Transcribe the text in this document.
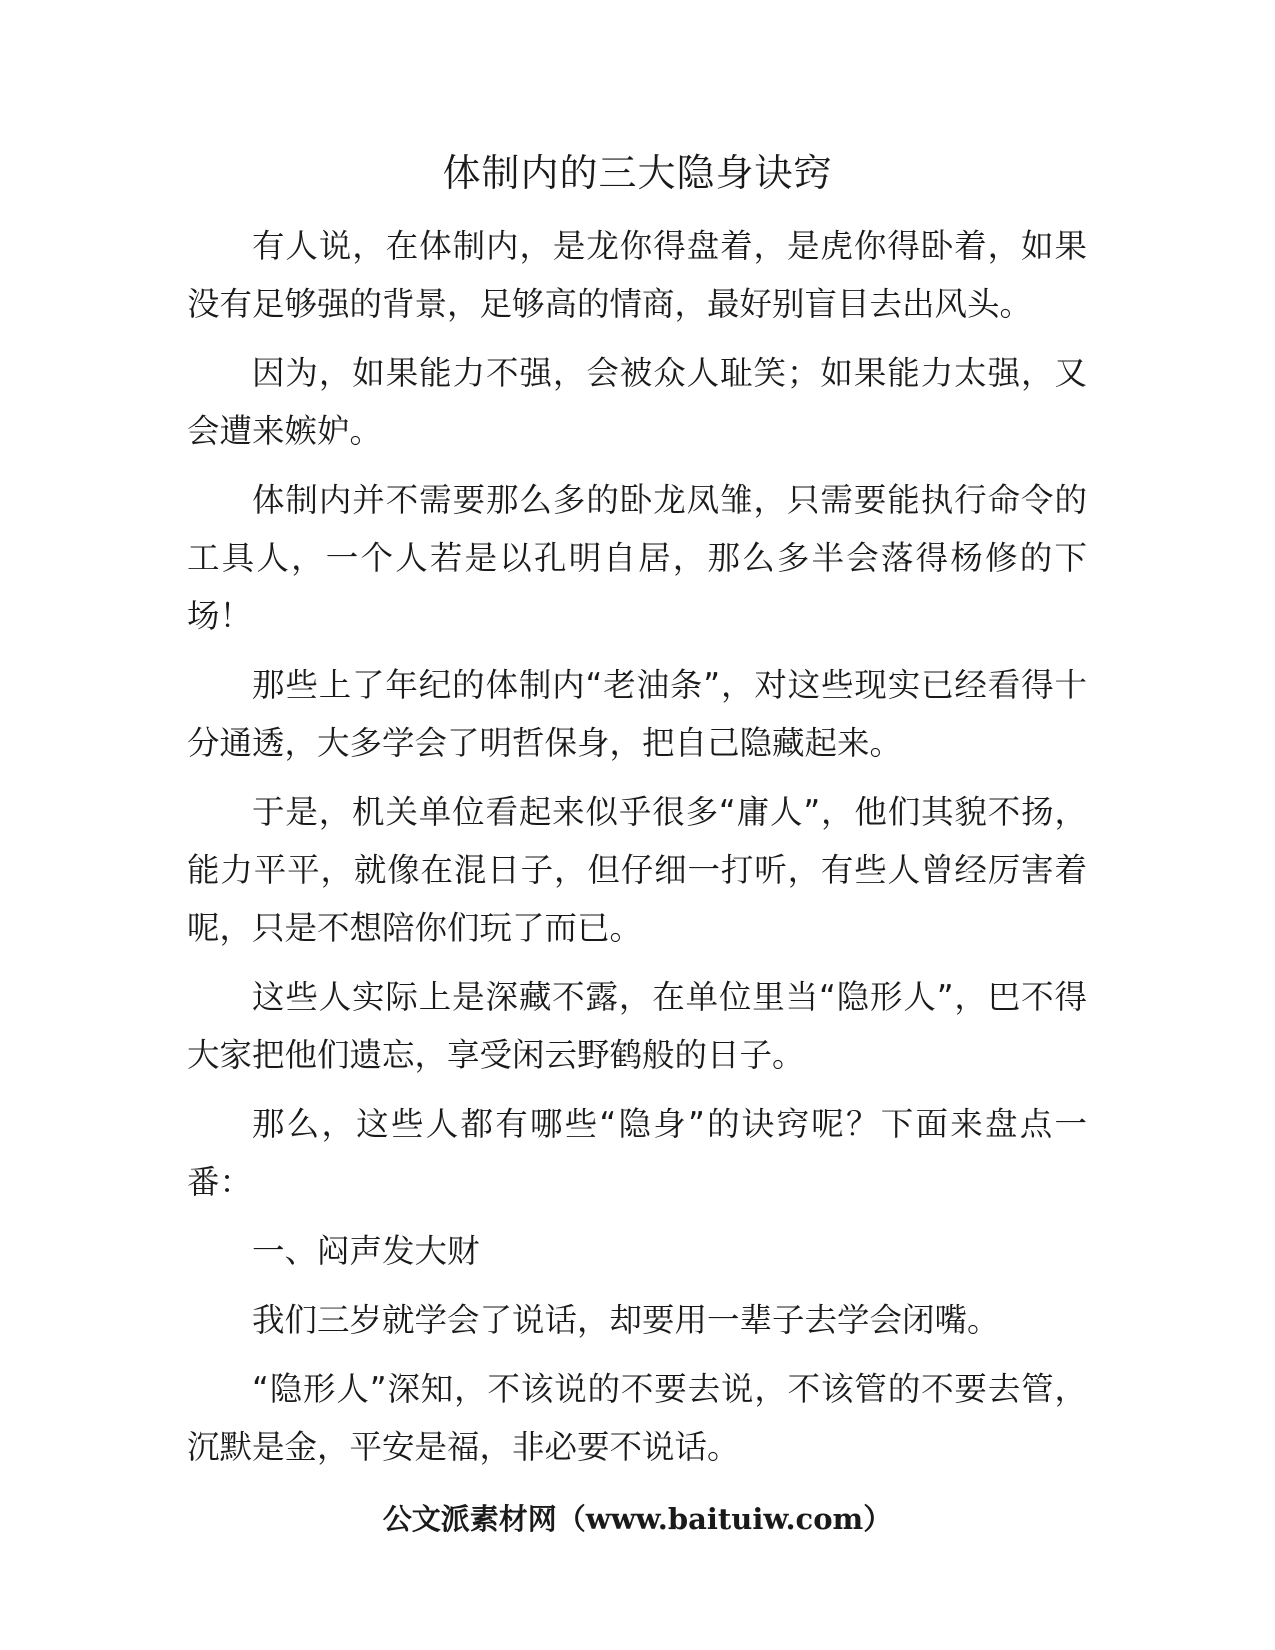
体制内的三大隐身诀窍

有人说，在体制内，是龙你得盘着，是虎你得卧着，如果没有足够强的背景，足够高的情商，最好别盲目去出风头。

因为，如果能力不强，会被众人耻笑；如果能力太强，又会遭来嫉妒。

体制内并不需要那么多的卧龙凤雏，只需要能执行命令的工具人，一个人若是以孔明自居，那么多半会落得杨修的下场！

那些上了年纪的体制内“老油条”，对这些现实已经看得十分通透，大多学会了明哲保身，把自己隐藏起来。

于是，机关单位看起来似乎很多“庸人”，他们其貌不扬，能力平平，就像在混日子，但仔细一打听，有些人曾经厉害着呢，只是不想陪你们玩了而已。

这些人实际上是深藏不露，在单位里当“隐形人”，巴不得大家把他们遗忘，享受闲云野鹤般的日子。

那么，这些人都有哪些“隐身”的诀窍呢？下面来盘点一番：

一、闷声发大财

我们三岁就学会了说话，却要用一辈子去学会闭嘴。

“隐形人”深知，不该说的不要去说，不该管的不要去管，沉默是金，平安是福，非必要不说话。

公文派素材网（www.baituiw.com）
